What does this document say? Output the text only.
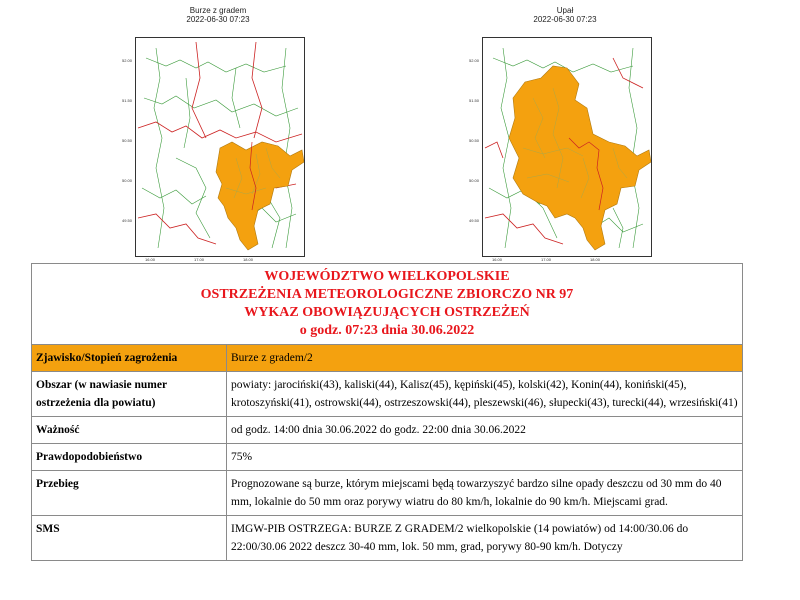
Burze z gradem
2022-06-30 07:23
52.00
51.50
50.50
50.00
49.50
16.00	17.00	18.00
Upał
2022-06-30 07:23
52.00
51.50
50.50
50.00
49.50
16.00	17.00	18.00
WOJEWÓDZTWO WIELKOPOLSKIE
OSTRZEŻENIA METEOROLOGICZNE ZBIORCZO NR 97
WYKAZ OBOWIĄZUJĄCYCH OSTRZEŻEŃ
o godz. 07:23 dnia 30.06.2022	

Zjawisko/Stopień zagrożenia	Burze z gradem/2
Obszar (w nawiasie numer ostrzeżenia dla powiatu)	powiaty: jarociński(43), kaliski(44), Kalisz(45), kępiński(45), kolski(42), Konin(44), koniński(45), krotoszyński(41), ostrowski(44), ostrzeszowski(44), pleszewski(46), słupecki(43), turecki(44), wrzesiński(41)
Ważność	od godz. 14:00 dnia 30.06.2022 do godz. 22:00 dnia 30.06.2022
Prawdopodobieństwo	75%
Przebieg	Prognozowane są burze, którym miejscami będą towarzyszyć bardzo silne opady deszczu od 30 mm do 40 mm, lokalnie do 50 mm oraz porywy wiatru do 80 km/h, lokalnie do 90 km/h. Miejscami grad.
SMS	IMGW-PIB OSTRZEGA: BURZE Z GRADEM/2 wielkopolskie (14 powiatów) od 14:00/30.06 do 22:00/30.06 2022 deszcz 30-40 mm, lok. 50 mm, grad, porywy 80-90 km/h. Dotyczy
